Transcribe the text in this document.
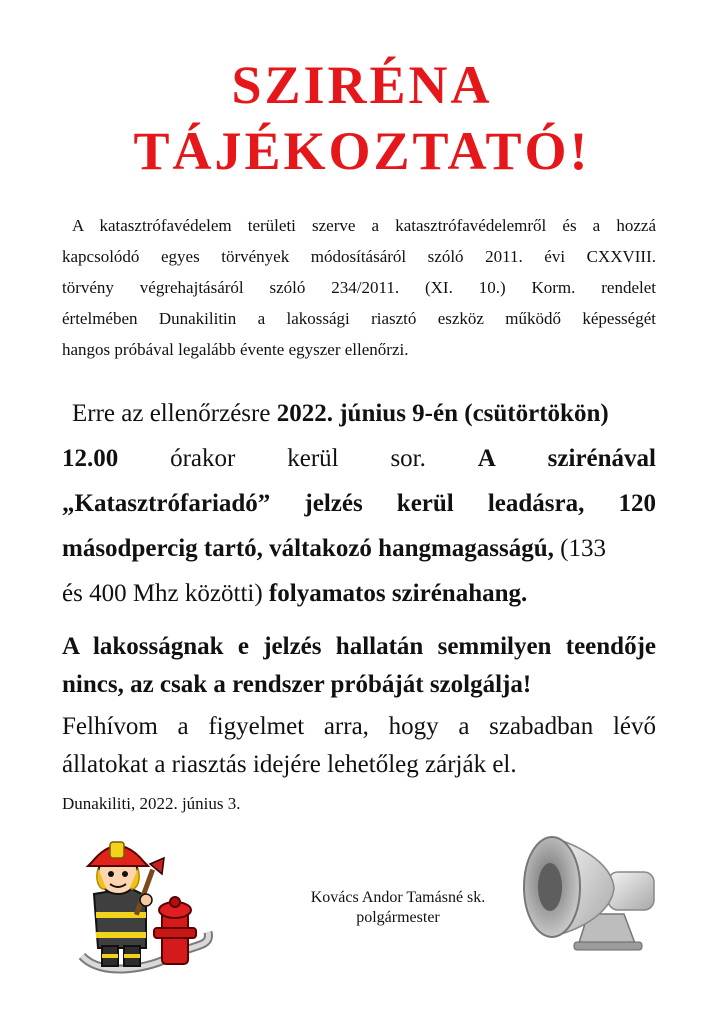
SZIRÉNA
TÁJÉKOZTATÓ!
A katasztrófavédelem területi szerve a katasztrófavédelemről és a hozzá
kapcsolódó egyes törvények módosításáról szóló 2011. évi CXXVIII.
törvény végrehajtásáról szóló 234/2011. (XI. 10.) Korm. rendelet
értelmében Dunakilitin a lakossági riasztó eszköz működő képességét
hangos próbával legalább évente egyszer ellenőrzi.
Erre az ellenőrzésre 2022. június 9-én (csütörtökön)
12.00 órakor kerül sor. A szirénával
„Katasztrófariadó” jelzés kerül leadásra, 120
másodpercig tartó, váltakozó hangmagasságú, (133
és 400 Mhz közötti) folyamatos szirénahang.
A lakosságnak e jelzés hallatán semmilyen teendője
nincs, az csak a rendszer próbáját szolgálja!
Felhívom a figyelmet arra, hogy a szabadban lévő
állatokat a riasztás idejére lehetőleg zárják el.
Dunakiliti, 2022. június 3.
Kovács Andor Tamásné sk.
polgármester
